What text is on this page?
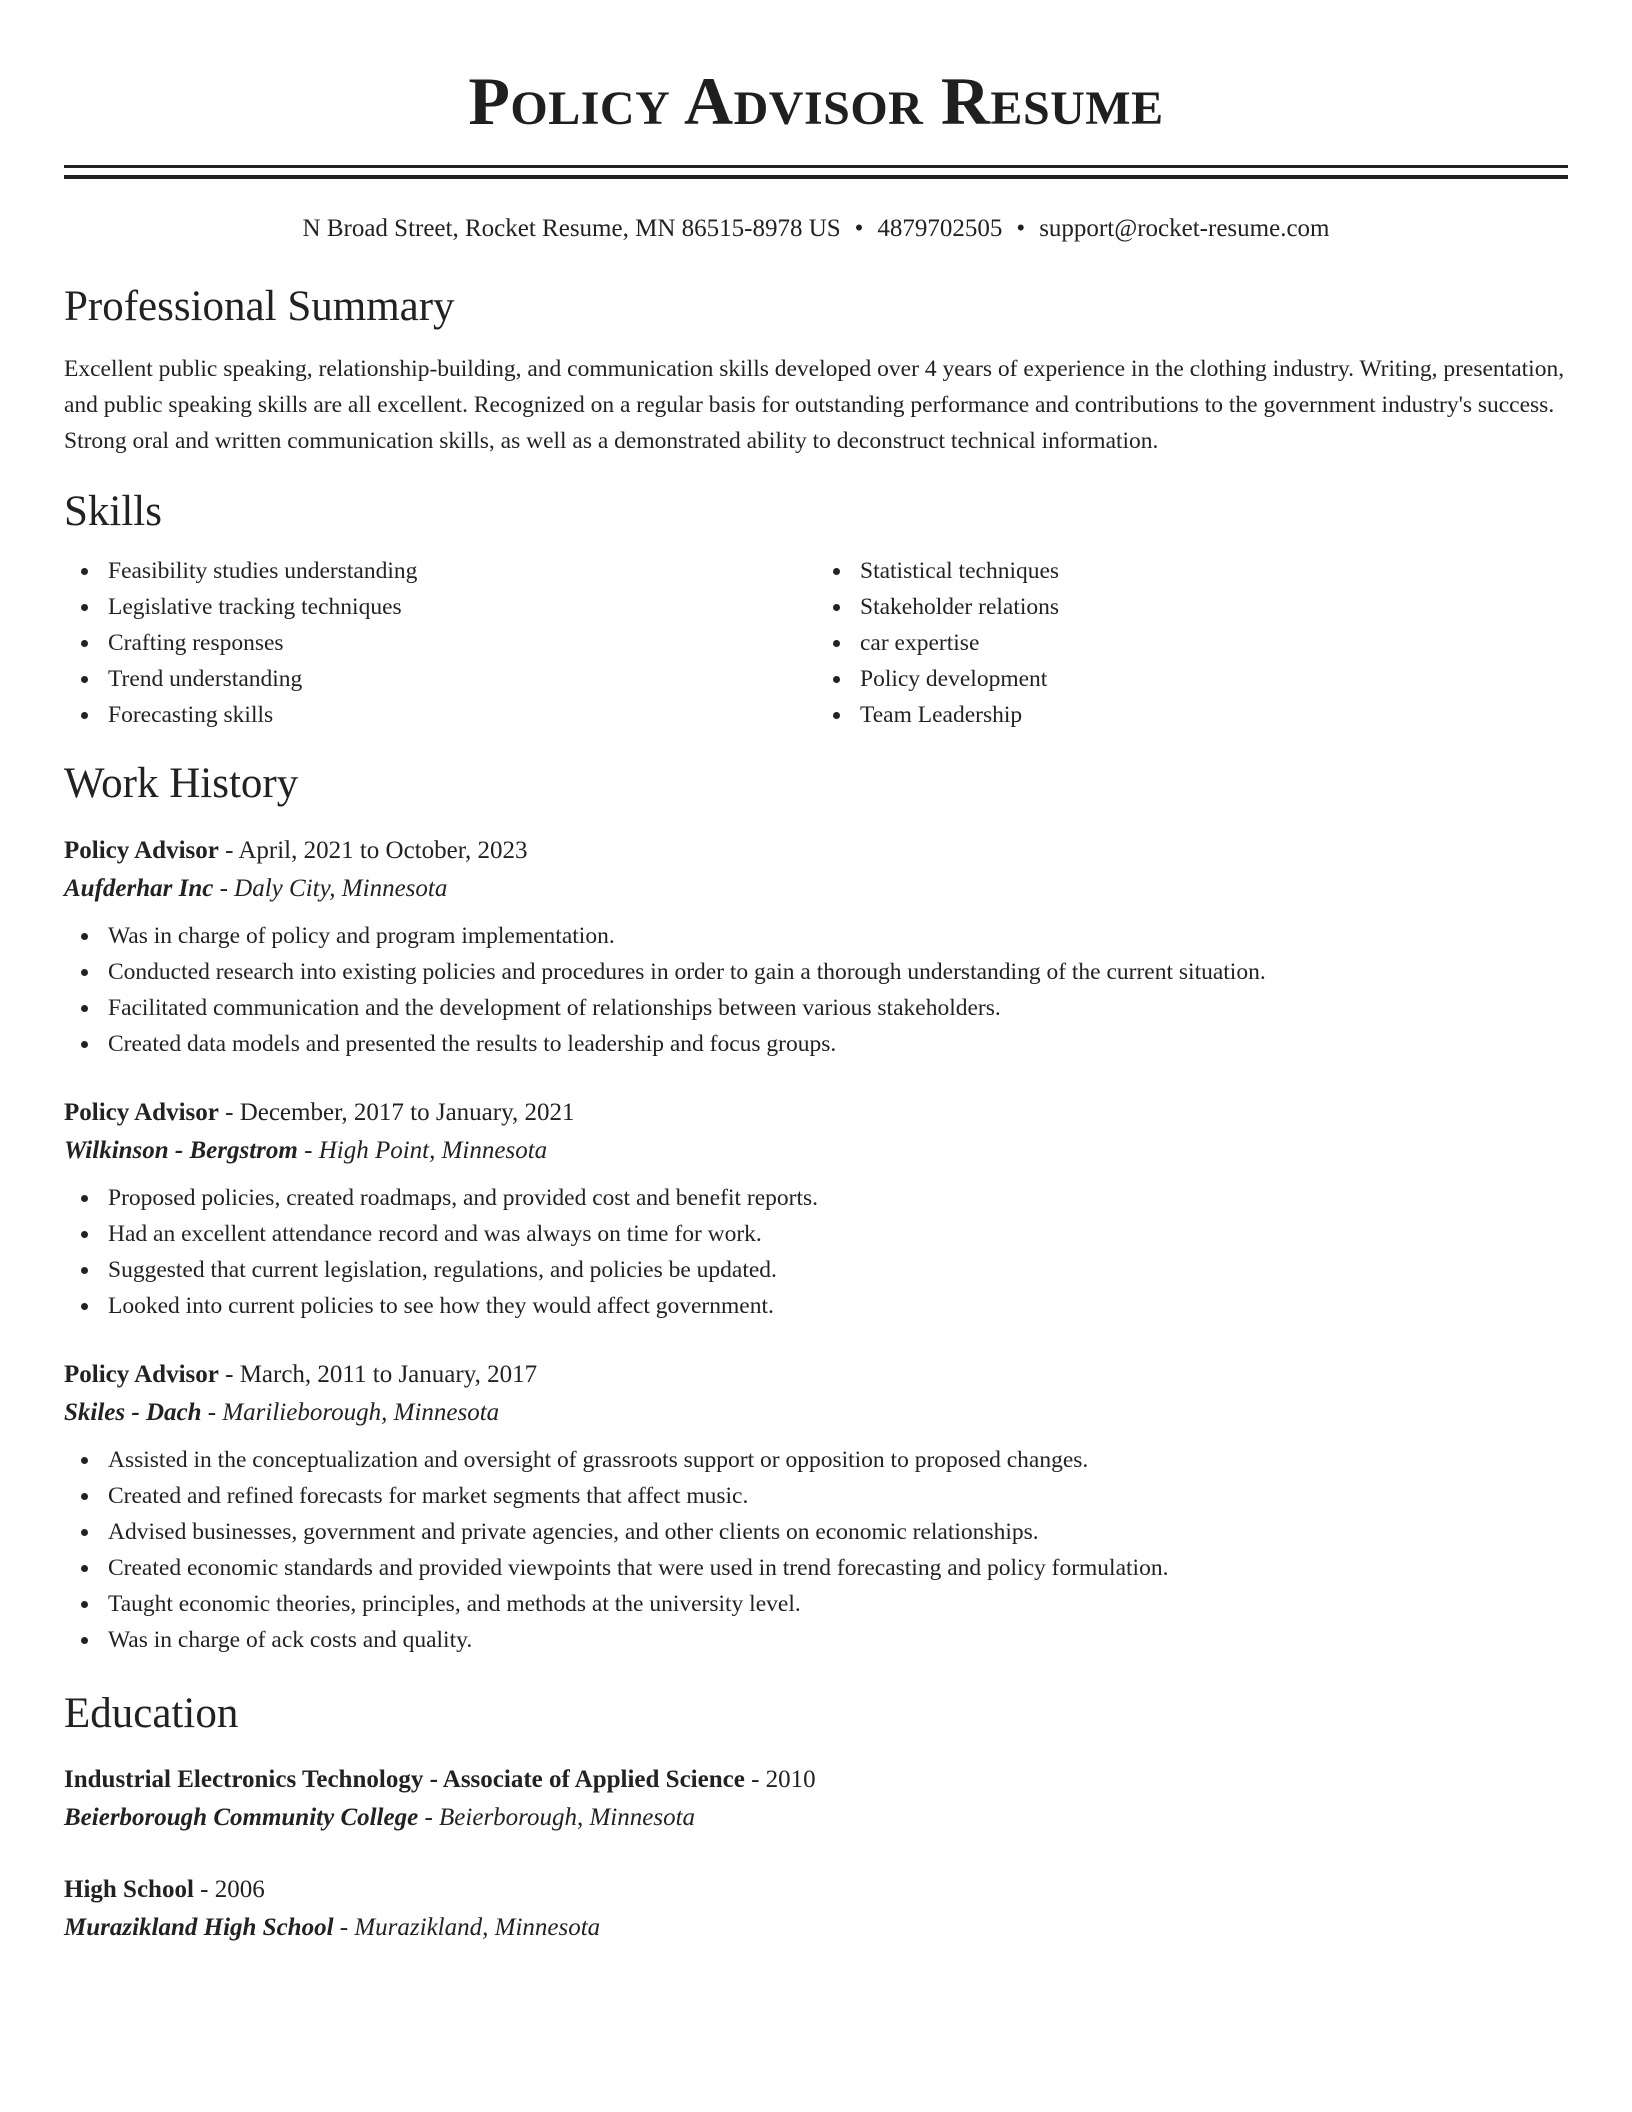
Policy Advisor Resume
N Broad Street, Rocket Resume, MN 86515-8978 US • 4879702505 • support@rocket-resume.com
Professional Summary

Excellent public speaking, relationship-building, and communication skills developed over 4 years of experience in the clothing industry. Writing, presentation, and public speaking skills are all excellent. Recognized on a regular basis for outstanding performance and contributions to the government industry's success. Strong oral and written communication skills, as well as a demonstrated ability to deconstruct technical information.

Skills
Feasibility studies understanding
Legislative tracking techniques
Crafting responses
Trend understanding
Forecasting skills
Statistical techniques
Stakeholder relations
car expertise
Policy development
Team Leadership
Work History
Policy Advisor - April, 2021 to October, 2023
Aufderhar Inc - Daly City, Minnesota
Was in charge of policy and program implementation.
Conducted research into existing policies and procedures in order to gain a thorough understanding of the current situation.
Facilitated communication and the development of relationships between various stakeholders.
Created data models and presented the results to leadership and focus groups.
Policy Advisor - December, 2017 to January, 2021
Wilkinson - Bergstrom - High Point, Minnesota
Proposed policies, created roadmaps, and provided cost and benefit reports.
Had an excellent attendance record and was always on time for work.
Suggested that current legislation, regulations, and policies be updated.
Looked into current policies to see how they would affect government.
Policy Advisor - March, 2011 to January, 2017
Skiles - Dach - Marilieborough, Minnesota
Assisted in the conceptualization and oversight of grassroots support or opposition to proposed changes.
Created and refined forecasts for market segments that affect music.
Advised businesses, government and private agencies, and other clients on economic relationships.
Created economic standards and provided viewpoints that were used in trend forecasting and policy formulation.
Taught economic theories, principles, and methods at the university level.
Was in charge of ack costs and quality.
Education
Industrial Electronics Technology - Associate of Applied Science - 2010
Beierborough Community College - Beierborough, Minnesota
High School - 2006
Murazikland High School - Murazikland, Minnesota
